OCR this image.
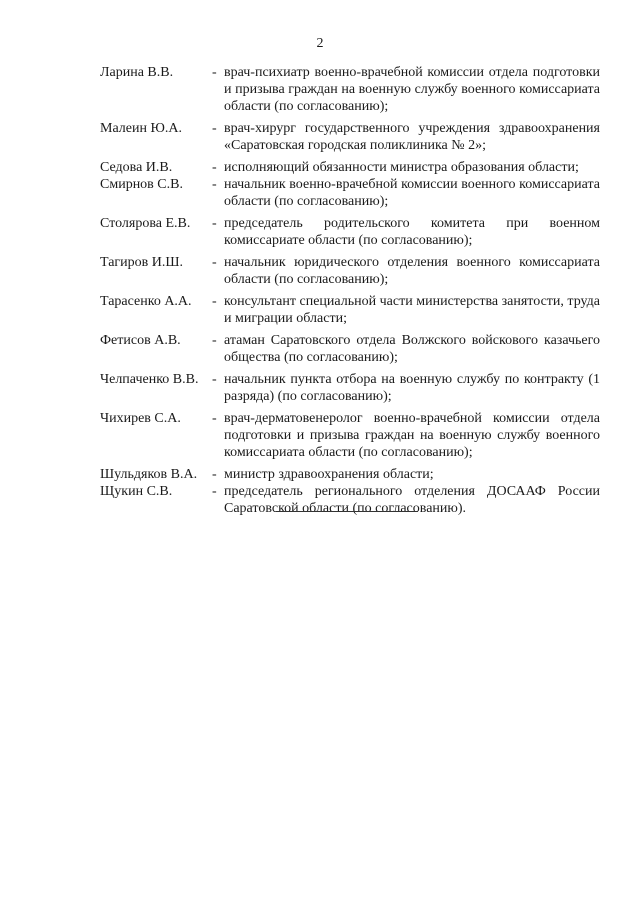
2
Ларина В.В.	- врач-психиатр военно-врачебной комиссии отдела подготовки и призыва граждан на военную службу военного комиссариата области (по согласованию);
Малеин Ю.А.	- врач-хирург государственного учреждения здравоохранения «Саратовская городская поликлиника № 2»;
Седова И.В.	- исполняющий обязанности министра образования области;
Смирнов С.В.	- начальник военно-врачебной комиссии военного комиссариата области (по согласованию);
Столярова Е.В.	- председатель родительского комитета при военном комиссариате области (по согласованию);
Тагиров И.Ш.	- начальник юридического отделения военного комиссариата области (по согласованию);
Тарасенко А.А.	- консультант специальной части министерства занятости, труда и миграции области;
Фетисов А.В.	- атаман Саратовского отдела Волжского войскового казачьего общества (по согласованию);
Челпаченко В.В. - начальник пункта отбора на военную службу по контракту (1 разряда) (по согласованию);
Чихирев С.А.	- врач-дерматовенеролог военно-врачебной комиссии отдела подготовки и призыва граждан на военную службу военного комиссариата области (по согласованию);
Шульдяков В.А.	- министр здравоохранения области;
Щукин С.В.	- председатель регионального отделения ДОСААФ России Саратовской области (по согласованию).
